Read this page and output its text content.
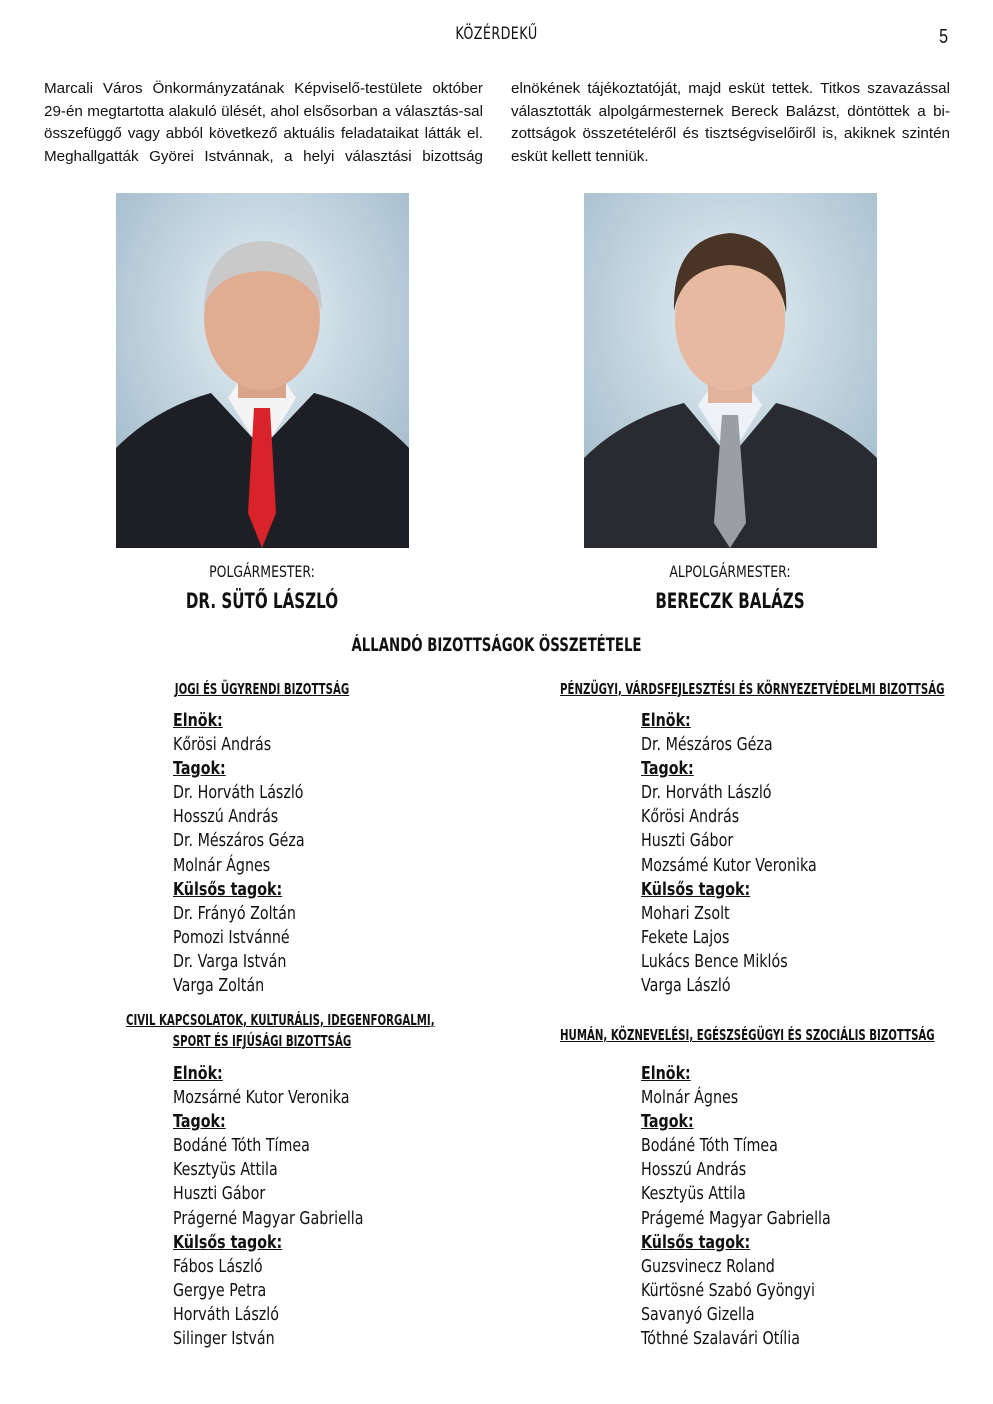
KÖZÉRDEKŰ	5
Marcali Város Önkormányzatának Képviselő-testülete október 29-én megtartotta alakuló ülését, ahol elsősorban a választás-sal összefüggő vagy abból következő aktuális feladataikat látták el. Meghallgatták Györei Istvánnak, a helyi választási bizottság elnökének tájékoztatóját, majd esküt tettek. Titkos szavazással választották alpolgármesternek Bereck Balázst, döntöttek a bi-zottságok összetételéről és tisztségviselőiről is, akiknek szintén esküt kellett tenniük.
POLGÁRMESTER:
DR. SÜTŐ LÁSZLÓ
ALPOLGÁRMESTER:
BERECZK BALÁZS
ÁLLANDÓ BIZOTTSÁGOK ÖSSZETÉTELE
JOGI ÉS ÜGYRENDI BIZOTTSÁG
Elnök:
Kőrösi András
Tagok:
Dr. Horváth László
Hosszú András
Dr. Mészáros Géza
Molnár Ágnes
Külsős tagok:
Dr. Fránуó Zoltán
Pomozi Istvánné
Dr. Varga István
Varga Zoltán
PÉNZÜGYI, VÁRDSFEJLESZTÉSI ÉS KÖRNYEZETVÉDELMI BIZOTTSÁG
Elnök:
Dr. Mészáros Géza
Tagok:
Dr. Horváth László
Kőrösi András
Huszti Gábor
Mozsámé Kutor Veronika
Külsős tagok:
Mohari Zsolt
Fekete Lajos
Lukács Bence Miklós
Varga László
CIVIL KAPCSOLATOK, KULTURÁLIS, IDEGENFORGALMI,
SPORT ÉS IFJÚSÁGI BIZOTTSÁG
Elnök:
Mozsárné Kutor Veronika
Tagok:
Bodáné Tóth Tímea
Kesztyüs Attila
Huszti Gábor
Prágerné Magyar Gabriella
Külsős tagok:
Fábos László
Gergye Petra
Horváth László
Silinger István
HUMÁN, KÖZNEVELÉSI, EGÉSZSÉGÜGYI ÉS SZOCIÁLIS BIZOTTSÁG
Elnök:
Molnár Ágnes
Tagok:
Bodáné Tóth Tímea
Hosszú András
Kesztyüs Attila
Prágemé Magyar Gabriella
Külsős tagok:
Guzsvinecz Roland
Kürtösné Szabó Gyöngyi
Savanyó Gizella
Tóthné Szalavári Otília
